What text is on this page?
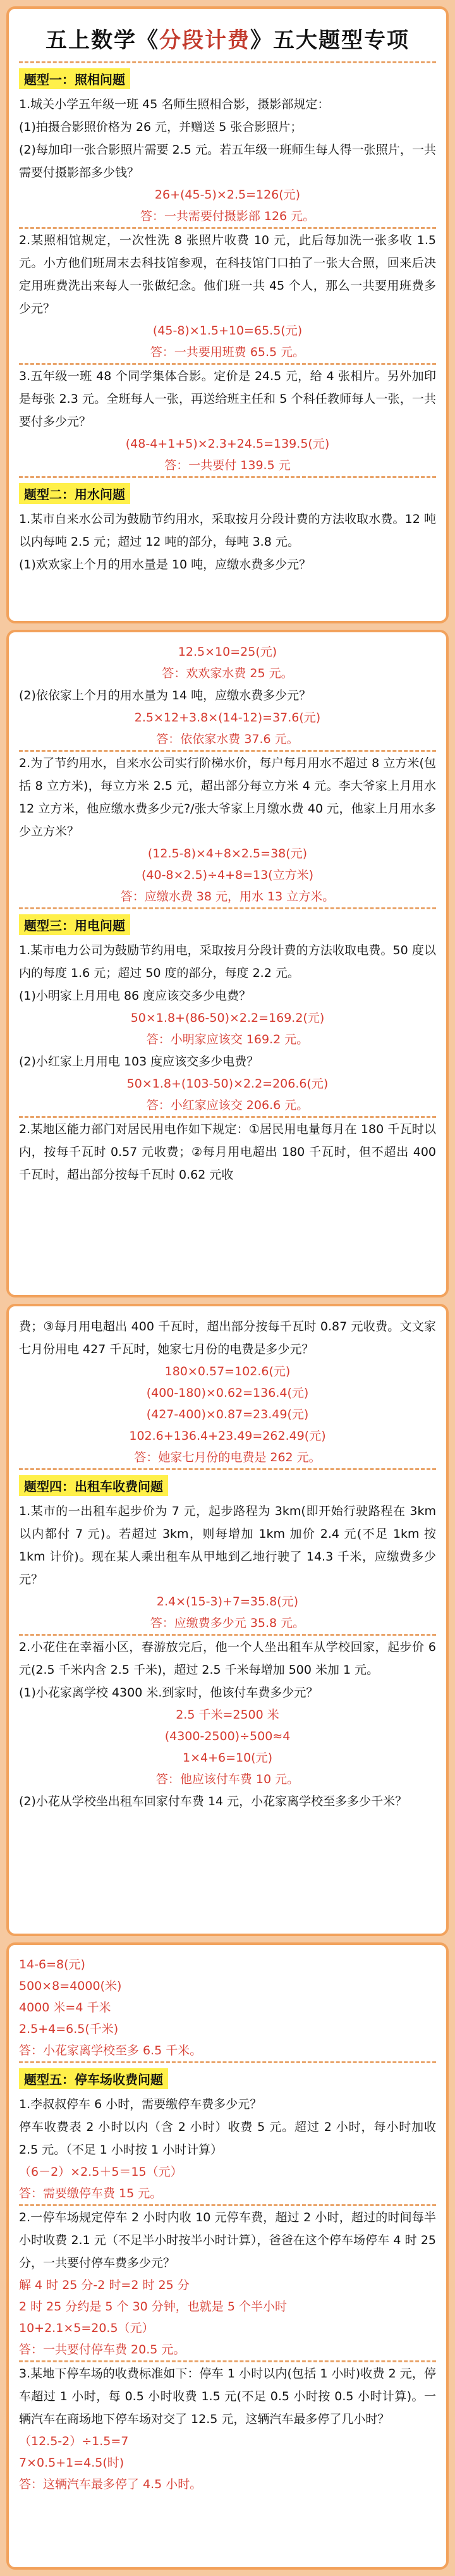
五上数学《分段计费》五大题型专项
题型一：照相问题

1.城关小学五年级一班 45 名师生照相合影，摄影部规定：

(1)拍摄合影照价格为 26 元，并赠送 5 张合影照片；

(2)每加印一张合影照片需要 2.5 元。若五年级一班师生每人得一张照片，一共需要付摄影部多少钱？

26+(45-5)×2.5=126(元)

答：一共需要付摄影部 126 元。

2.某照相馆规定，一次性洗 8 张照片收费 10 元，此后每加洗一张多收 1.5 元。小方他们班周末去科技馆参观，在科技馆门口拍了一张大合照，回来后决定用班费洗出来每人一张做纪念。他们班一共 45 个人，那么一共要用班费多少元？

(45-8)×1.5+10=65.5(元)

答：一共要用班费 65.5 元。

3.五年级一班 48 个同学集体合影。定价是 24.5 元，给 4 张相片。另外加印是每张 2.3 元。全班每人一张，再送给班主任和 5 个科任教师每人一张，一共要付多少元？

(48-4+1+5)×2.3+24.5=139.5(元)

答：一共要付 139.5 元

题型二：用水问题

1.某市自来水公司为鼓励节约用水，采取按月分段计费的方法收取水费。12 吨以内每吨 2.5 元；超过 12 吨的部分，每吨 3.8 元。

(1)欢欢家上个月的用水量是 10 吨，应缴水费多少元？

12.5×10=25(元)

答：欢欢家水费 25 元。

(2)依依家上个月的用水量为 14 吨，应缴水费多少元？

2.5×12+3.8×(14-12)=37.6(元)

答：依依家水费 37.6 元。

2.为了节约用水，自来水公司实行阶梯水价，每户每月用水不超过 8 立方米(包括 8 立方米)，每立方米 2.5 元，超出部分每立方米 4 元。李大爷家上月用水 12 立方米，他应缴水费多少元?/张大爷家上月缴水费 40 元，他家上月用水多少立方米？

(12.5-8)×4+8×2.5=38(元)

(40-8×2.5)÷4+8=13(立方米)

答：应缴水费 38 元，用水 13 立方米。

题型三：用电问题

1.某市电力公司为鼓励节约用电，采取按月分段计费的方法收取电费。50 度以内的每度 1.6 元；超过 50 度的部分，每度 2.2 元。

(1)小明家上月用电 86 度应该交多少电费？

50×1.8+(86-50)×2.2=169.2(元)

答：小明家应该交 169.2 元。

(2)小红家上月用电 103 度应该交多少电费？

50×1.8+(103-50)×2.2=206.6(元)

答：小红家应该交 206.6 元。

2.某地区能力部门对居民用电作如下规定：①居民用电量每月在 180 千瓦时以内，按每千瓦时 0.57 元收费；②每月用电超出 180 千瓦时，但不超出 400 千瓦时，超出部分按每千瓦时 0.62 元收

费；③每月用电超出 400 千瓦时，超出部分按每千瓦时 0.87 元收费。文文家七月份用电 427 千瓦时，她家七月份的电费是多少元？

180×0.57=102.6(元)

(400-180)×0.62=136.4(元)

(427-400)×0.87=23.49(元)

102.6+136.4+23.49=262.49(元)

答：她家七月份的电费是 262 元。

题型四：出租车收费问题

1.某市的一出租车起步价为 7 元，起步路程为 3km(即开始行驶路程在 3km 以内都付 7 元)。若超过 3km，则每增加 1km 加价 2.4 元(不足 1km 按 1km 计价)。现在某人乘出租车从甲地到乙地行驶了 14.3 千米，应缴费多少元？

2.4×(15-3)+7=35.8(元)

答：应缴费多少元 35.8 元。

2.小花住在幸福小区，春游放完后，他一个人坐出租车从学校回家，起步价 6 元(2.5 千米内含 2.5 千米)，超过 2.5 千米每增加 500 米加 1 元。

(1)小花家离学校 4300 米.到家时，他该付车费多少元？

2.5 千米=2500 米

(4300-2500)÷500≈4

1×4+6=10(元)

答：他应该付车费 10 元。

(2)小花从学校坐出租车回家付车费 14 元，小花家离学校至多多少千米？

14-6=8(元)

500×8=4000(米)

4000 米=4 千米

2.5+4=6.5(千米)

答：小花家离学校至多 6.5 千米。

题型五：停车场收费问题

1.李叔叔停车 6 小时，需要缴停车费多少元？

停车收费表 2 小时以内（含 2 小时）收费 5 元。超过 2 小时，每小时加收 2.5 元。（不足 1 小时按 1 小时计算）

（6－2）×2.5＋5＝15（元）

答：需要缴停车费 15 元。

2.一停车场规定停车 2 小时内收 10 元停车费，超过 2 小时，超过的时间每半小时收费 2.1 元（不足半小时按半小时计算），爸爸在这个停车场停车 4 时 25 分，一共要付停车费多少元？

解 4 时 25 分-2 时=2 时 25 分

2 时 25 分约是 5 个 30 分钟，也就是 5 个半小时

10+2.1×5=20.5（元）

答：一共要付停车费 20.5 元。

3.某地下停车场的收费标准如下：停车 1 小时以内(包括 1 小时)收费 2 元，停车超过 1 小时，每 0.5 小时收费 1.5 元(不足 0.5 小时按 0.5 小时计算)。一辆汽车在商场地下停车场对交了 12.5 元，这辆汽车最多停了几小时？

（12.5-2）÷1.5=7

7×0.5+1=4.5(时)

答：这辆汽车最多停了 4.5 小时。
